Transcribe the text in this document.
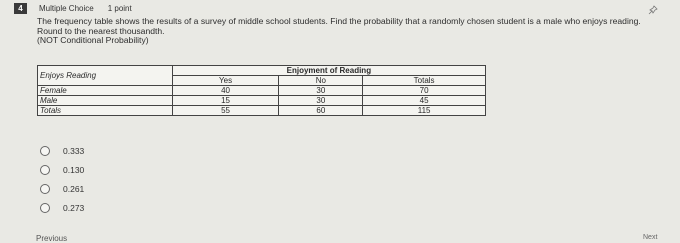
4	Multiple Choice 1 point
The frequency table shows the results of a survey of middle school students. Find the probability that a randomly chosen student is a male who enjoys reading.
Round to the nearest thousandth.
(NOT Conditional Probability)
Enjoys Reading	Enjoyment of Reading		
	Yes	No	Totals
Female	40	30	70
Male	15	30	45
Totals	55	60	115
0.333
0.130
0.261
0.273
Previous	Next
